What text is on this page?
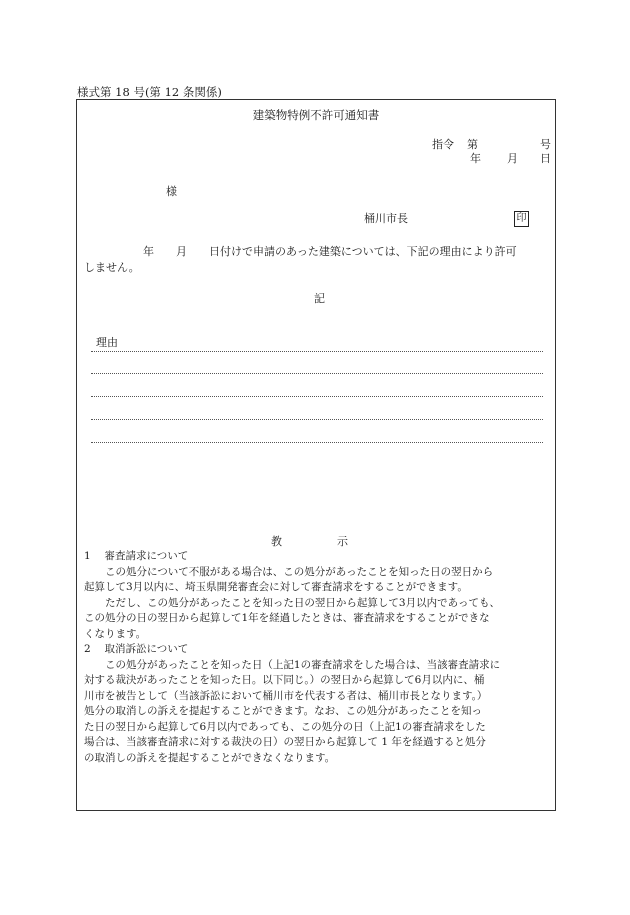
様式第 18 号(第 12 条関係)
建築物特例不許可通知書
指令 第	号
年 月 日
様
桶川市長	印
年　　月　　日付けで申請のあった建築については、下記の理由により許可
しません。
記
理由
教　　　　　示
1　 審査請求について
この処分について不服がある場合は、この処分があったことを知った日の翌日から
起算して3月以内に、埼玉県開発審査会に対して審査請求をすることができます。
ただし、この処分があったことを知った日の翌日から起算して3月以内であっても、
この処分の日の翌日から起算して1年を経過したときは、審査請求をすることができな
くなります。
2　 取消訴訟について
この処分があったことを知った日（上記1の審査請求をした場合は、当該審査請求に
対する裁決があったことを知った日。以下同じ。）の翌日から起算して6月以内に、桶
川市を被告として（当該訴訟において桶川市を代表する者は、桶川市長となります。）
処分の取消しの訴えを提起することができます。なお、この処分があったことを知っ
た日の翌日から起算して6月以内であっても、この処分の日（上記1の審査請求をした
場合は、当該審査請求に対する裁決の日）の翌日から起算して 1 年を経過すると処分
の取消しの訴えを提起することができなくなります。
